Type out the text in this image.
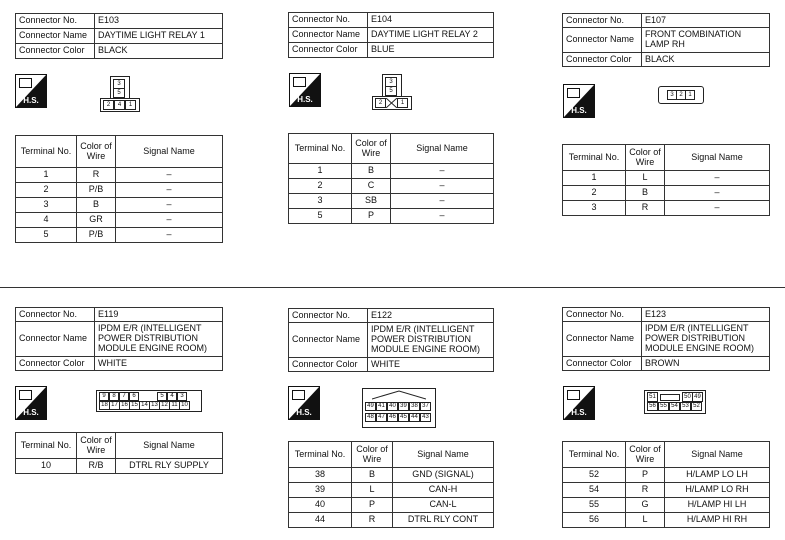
Connector No.	E103
Connector Name	DAYTIME LIGHT RELAY 1
Connector Color	BLACK
H.S.
3
5
2	4	1
Terminal No.	Color of Wire	Signal Name
1	R	–
2	P/B	–
3	B	–
4	GR	–
5	P/B	–
Connector No.	E104
Connector Name	DAYTIME LIGHT RELAY 2
Connector Color	BLUE
H.S.
3
5
2	1
Terminal No.	Color of Wire	Signal Name
1	B	–
2	C	–
3	SB	–
5	P	–
Connector No.	E107
Connector Name	FRONT COMBINATION LAMP RH
Connector Color	BLACK
H.S.
3 2 1
Terminal No.	Color of Wire	Signal Name
1	L	–
2	B	–
3	R	–
Connector No.	E119
Connector Name	IPDM E/R (INTELLIGENT POWER DISTRIBUTION MODULE ENGINE ROOM)
Connector Color	WHITE
H.S.
9	8	7	6	5	4	3
18 17 16 15 14 13 12 11 10
Terminal No.	Color of Wire	Signal Name
10	R/B	DTRL RLY SUPPLY
Connector No.	E122
Connector Name	IPDM E/R (INTELLIGENT POWER DISTRIBUTION MODULE ENGINE ROOM)
Connector Color	WHITE
H.S.
49 41 40 39 38 37
48 47 46 45 44 43
Terminal No.	Color of Wire	Signal Name
38	B	GND (SIGNAL)
39	L	CAN-H
40	P	CAN-L
44	R	DTRL RLY CONT
Connector No.	E123
Connector Name	IPDM E/R (INTELLIGENT POWER DISTRIBUTION MODULE ENGINE ROOM)
Connector Color	BROWN
H.S.
51	50 49
56 55 54 53 52
Terminal No.	Color of Wire	Signal Name
52	P	H/LAMP LO LH
54	R	H/LAMP LO RH
55	G	H/LAMP HI LH
56	L	H/LAMP HI RH
